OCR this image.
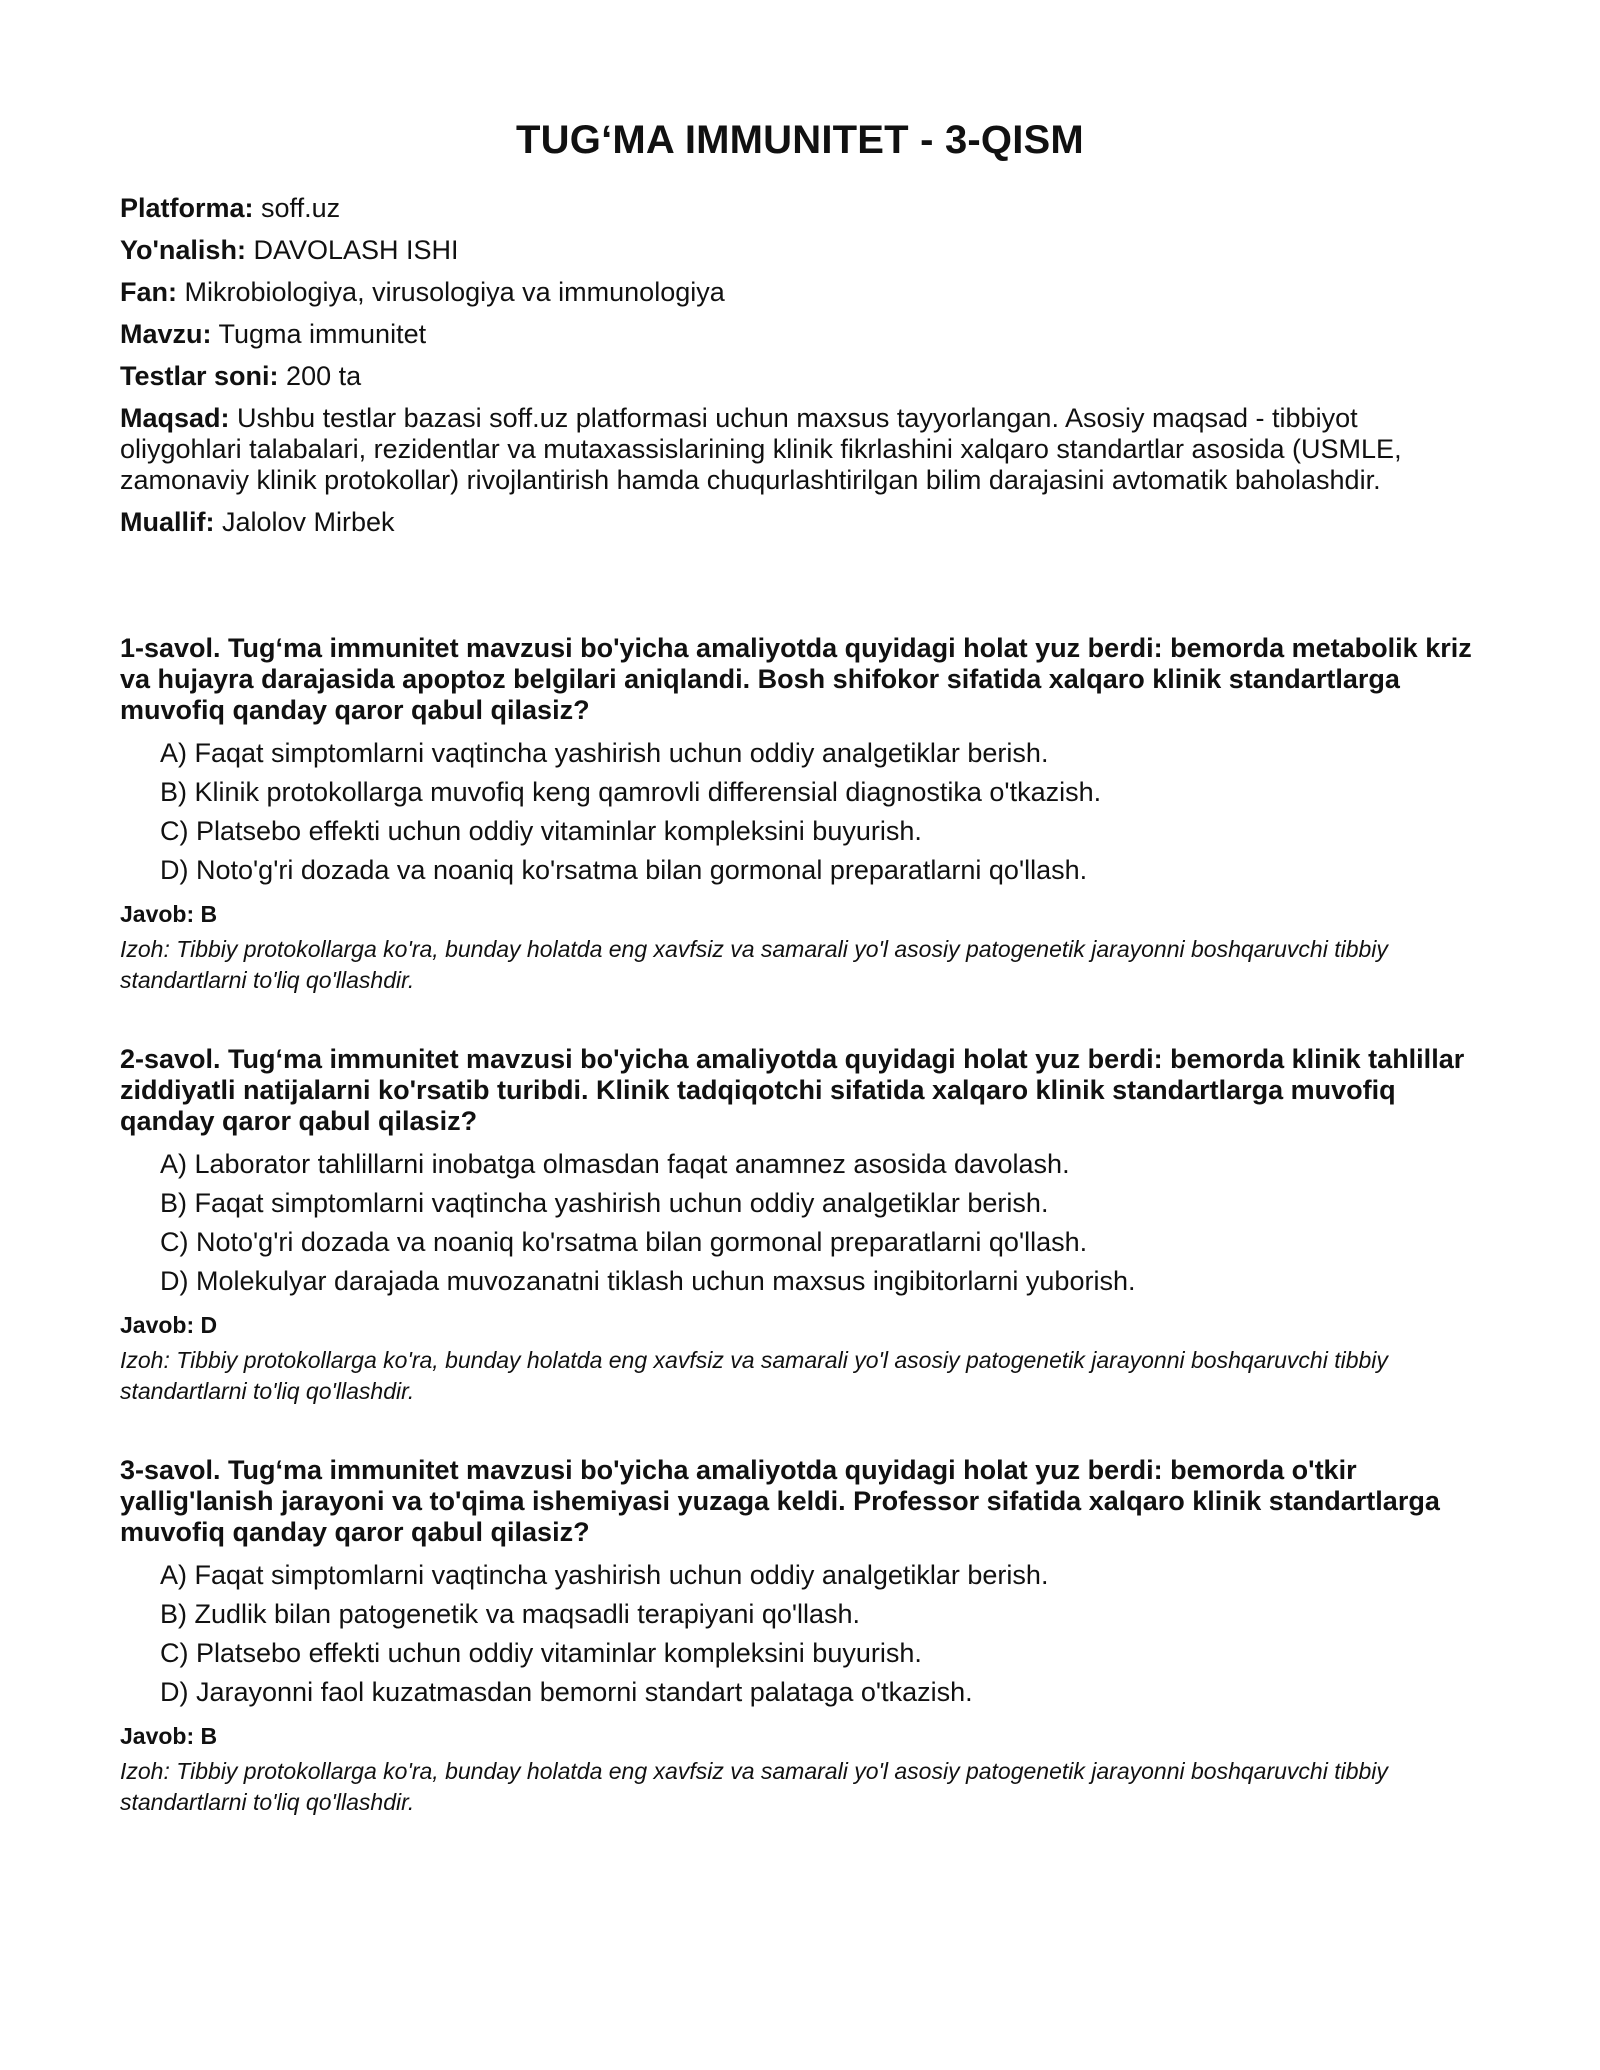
TUG‘MA IMMUNITET - 3-QISM

Platforma: soff.uz

Yo'nalish: DAVOLASH ISHI

Fan: Mikrobiologiya, virusologiya va immunologiya

Mavzu: Tugma immunitet

Testlar soni: 200 ta

Maqsad: Ushbu testlar bazasi soff.uz platformasi uchun maxsus tayyorlangan. Asosiy maqsad - tibbiyot oliygohlari talabalari, rezidentlar va mutaxassislarining klinik fikrlashini xalqaro standartlar asosida (USMLE, zamonaviy klinik protokollar) rivojlantirish hamda chuqurlashtirilgan bilim darajasini avtomatik baholashdir.

Muallif: Jalolov Mirbek

1-savol. Tug‘ma immunitet mavzusi bo'yicha amaliyotda quyidagi holat yuz berdi: bemorda metabolik kriz va hujayra darajasida apoptoz belgilari aniqlandi. Bosh shifokor sifatida xalqaro klinik standartlarga muvofiq qanday qaror qabul qilasiz?

A) Faqat simptomlarni vaqtincha yashirish uchun oddiy analgetiklar berish.

B) Klinik protokollarga muvofiq keng qamrovli differensial diagnostika o'tkazish.

C) Platsebo effekti uchun oddiy vitaminlar kompleksini buyurish.

D) Noto'g'ri dozada va noaniq ko'rsatma bilan gormonal preparatlarni qo'llash.

Javob: B

Izoh: Tibbiy protokollarga ko'ra, bunday holatda eng xavfsiz va samarali yo'l asosiy patogenetik jarayonni boshqaruvchi tibbiy standartlarni to'liq qo'llashdir.

2-savol. Tug‘ma immunitet mavzusi bo'yicha amaliyotda quyidagi holat yuz berdi: bemorda klinik tahlillar ziddiyatli natijalarni ko'rsatib turibdi. Klinik tadqiqotchi sifatida xalqaro klinik standartlarga muvofiq qanday qaror qabul qilasiz?

A) Laborator tahlillarni inobatga olmasdan faqat anamnez asosida davolash.

B) Faqat simptomlarni vaqtincha yashirish uchun oddiy analgetiklar berish.

C) Noto'g'ri dozada va noaniq ko'rsatma bilan gormonal preparatlarni qo'llash.

D) Molekulyar darajada muvozanatni tiklash uchun maxsus ingibitorlarni yuborish.

Javob: D

Izoh: Tibbiy protokollarga ko'ra, bunday holatda eng xavfsiz va samarali yo'l asosiy patogenetik jarayonni boshqaruvchi tibbiy standartlarni to'liq qo'llashdir.

3-savol. Tug‘ma immunitet mavzusi bo'yicha amaliyotda quyidagi holat yuz berdi: bemorda o'tkir yallig'lanish jarayoni va to'qima ishemiyasi yuzaga keldi. Professor sifatida xalqaro klinik standartlarga muvofiq qanday qaror qabul qilasiz?

A) Faqat simptomlarni vaqtincha yashirish uchun oddiy analgetiklar berish.

B) Zudlik bilan patogenetik va maqsadli terapiyani qo'llash.

C) Platsebo effekti uchun oddiy vitaminlar kompleksini buyurish.

D) Jarayonni faol kuzatmasdan bemorni standart palataga o'tkazish.

Javob: B

Izoh: Tibbiy protokollarga ko'ra, bunday holatda eng xavfsiz va samarali yo'l asosiy patogenetik jarayonni boshqaruvchi tibbiy standartlarni to'liq qo'llashdir.
